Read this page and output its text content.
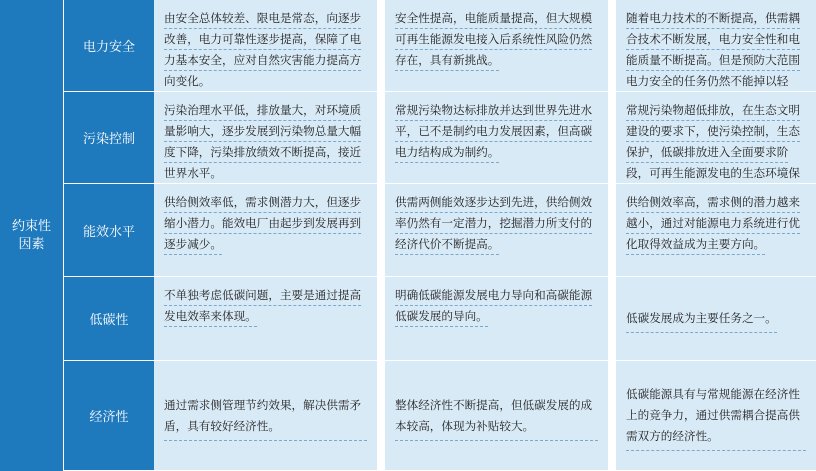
约束性因素
电力安全
由安全总体较差、限电是常态，向逐步改善，电力可靠性逐步提高，保障了电力基本安全，应对自然灾害能力提高方向变化。
安全性提高，电能质量提高，但大规模可再生能源发电接入后系统性风险仍然存在，具有新挑战。
随着电力技术的不断提高，供需耦合技术不断发展，电力安全性和电能质量不断提高。但是预防大范围电力安全的任务仍然不能掉以轻
污染控制
污染治理水平低，排放量大，对环境质量影响大，逐步发展到污染物总量大幅度下降，污染排放绩效不断提高，接近世界水平。
常规污染物达标排放并达到世界先进水平，已不是制约电力发展因素，但高碳电力结构成为制约。
常规污染物超低排放，在生态文明建设的要求下，使污染控制，生态保护，低碳排放进入全面要求阶段，可再生能源发电的生态环境保
能效水平
供给侧效率低，需求侧潜力大，但逐步缩小潜力。能效电厂由起步到发展再到逐步减少。
供需两侧能效逐步达到先进，供给侧效率仍然有一定潜力，挖掘潜力所支付的经济代价不断提高。
供给侧效率高，需求侧的潜力越来越小，通过对能源电力系统进行优化取得效益成为主要方向。
低碳性
不单独考虑低碳问题，主要是通过提高发电效率来体现。
明确低碳能源发展电力导向和高碳能源低碳发展的导向。	低碳发展成为主要任务之一。
经济性
通过需求侧管理节约效果，解决供需矛盾，具有较好经济性。
整体经济性不断提高，但低碳发展的成本较高，体现为补贴较大。
低碳能源具有与常规能源在经济性上的竞争力，通过供需耦合提高供需双方的经济性。
